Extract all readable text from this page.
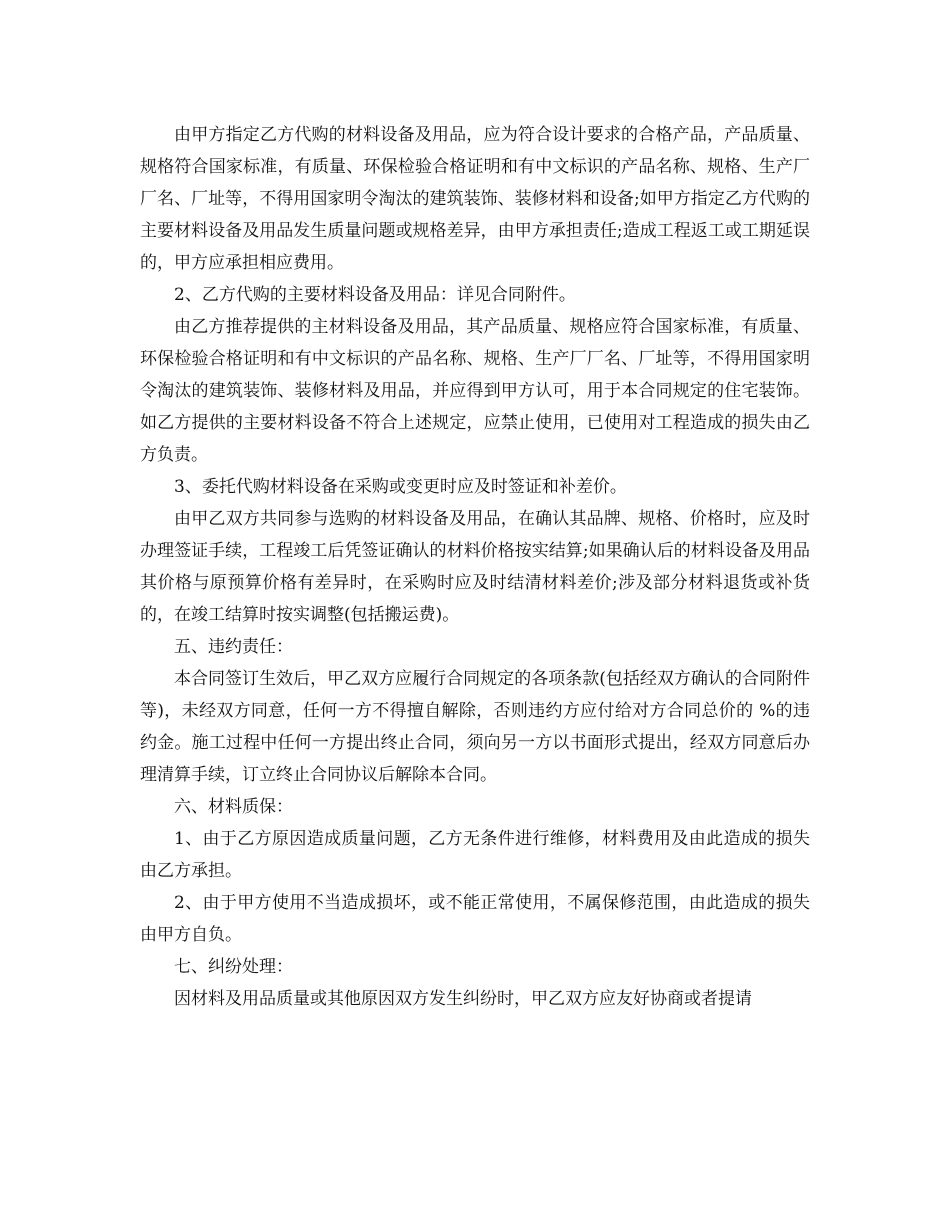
由甲方指定乙方代购的材料设备及用品，应为符合设计要求的合格产品，产品质量、规格符合国家标准，有质量、环保检验合格证明和有中文标识的产品名称、规格、生产厂厂名、厂址等，不得用国家明令淘汰的建筑装饰、装修材料和设备;如甲方指定乙方代购的主要材料设备及用品发生质量问题或规格差异，由甲方承担责任;造成工程返工或工期延误的，甲方应承担相应费用。

2、乙方代购的主要材料设备及用品：详见合同附件。

由乙方推荐提供的主材料设备及用品，其产品质量、规格应符合国家标准，有质量、环保检验合格证明和有中文标识的产品名称、规格、生产厂厂名、厂址等，不得用国家明令淘汰的建筑装饰、装修材料及用品，并应得到甲方认可，用于本合同规定的住宅装饰。如乙方提供的主要材料设备不符合上述规定，应禁止使用，已使用对工程造成的损失由乙方负责。

3、委托代购材料设备在采购或变更时应及时签证和补差价。

由甲乙双方共同参与选购的材料设备及用品，在确认其品牌、规格、价格时，应及时办理签证手续，工程竣工后凭签证确认的材料价格按实结算;如果确认后的材料设备及用品其价格与原预算价格有差异时，在采购时应及时结清材料差价;涉及部分材料退货或补货的，在竣工结算时按实调整(包括搬运费)。

五、违约责任：

本合同签订生效后，甲乙双方应履行合同规定的各项条款(包括经双方确认的合同附件等)，未经双方同意，任何一方不得擅自解除，否则违约方应付给对方合同总价的 %的违约金。施工过程中任何一方提出终止合同，须向另一方以书面形式提出，经双方同意后办理清算手续，订立终止合同协议后解除本合同。

六、材料质保：

1、由于乙方原因造成质量问题，乙方无条件进行维修，材料费用及由此造成的损失由乙方承担。

2、由于甲方使用不当造成损坏，或不能正常使用，不属保修范围，由此造成的损失由甲方自负。

七、纠纷处理：

因材料及用品质量或其他原因双方发生纠纷时，甲乙双方应友好协商或者提请
